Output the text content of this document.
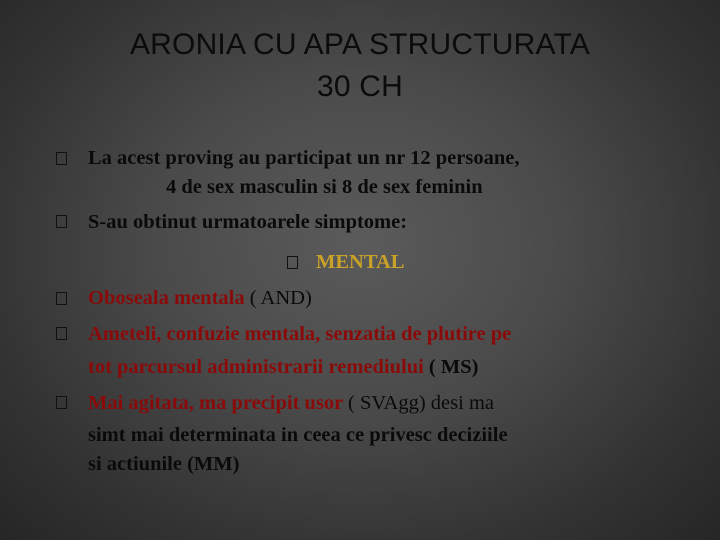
ARONIA CU APA STRUCTURATA
30 CH
La acest proving au participat un nr 12 persoane,
4 de sex masculin si 8 de sex feminin
S-au obtinut urmatoarele simptome:
MENTAL
Oboseala mentala ( AND)
Ameteli, confuzie mentala, senzatia de plutire pe
tot parcursul administrarii remediului ( MS)
Mai agitata, ma precipit usor ( SVAgg) desi ma
simt mai determinata in ceea ce privesc deciziile
si actiunile (MM)
